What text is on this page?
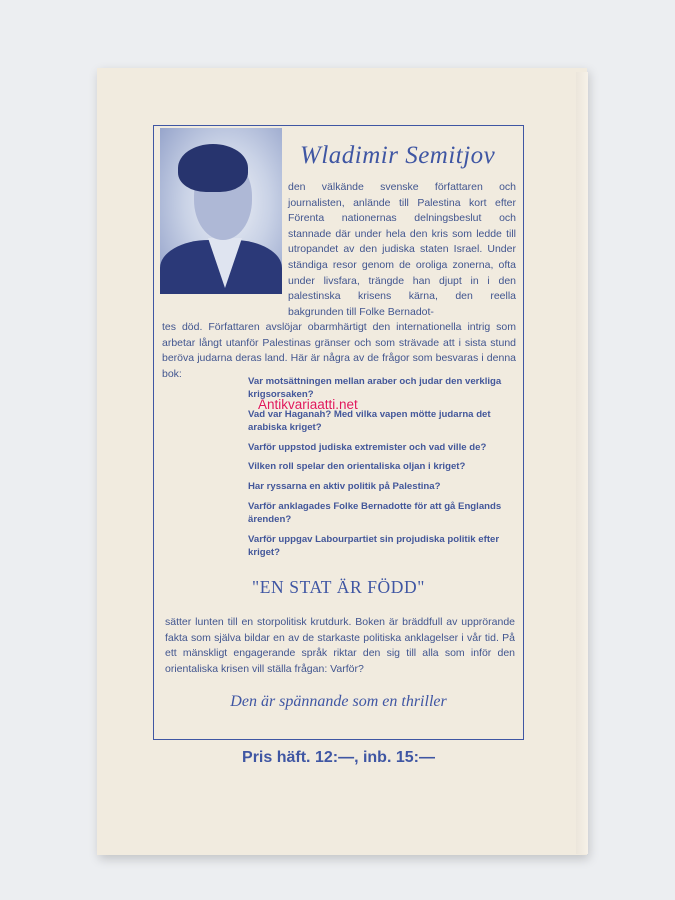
Wladimir Semitjov
den välkände svenske författaren och journalisten, anlände till Palestina kort efter Förenta nationernas delningsbeslut och stannade där under hela den kris som ledde till utropandet av den judiska staten Israel. Under ständiga resor genom de oroliga zonerna, ofta under livsfara, trängde han djupt in i den palestinska krisens kärna, den reella bakgrunden till Folke Bernadot-
tes död. Författaren avslöjar obarmhärtigt den internationella intrig som arbetar långt utanför Palestinas gränser och som strävade att i sista stund beröva judarna deras land. Här är några av de frågor som besvaras i denna bok:
Var motsättningen mellan araber och judar den verkliga krigsorsaken?
Vad var Haganah? Med vilka vapen mötte judarna det arabiska kriget?
Varför uppstod judiska extremister och vad ville de?
Vilken roll spelar den orientaliska oljan i kriget?
Har ryssarna en aktiv politik på Palestina?
Varför anklagades Folke Bernadotte för att gå Englands ärenden?
Varför uppgav Labourpartiet sin projudiska politik efter kriget?
"EN STAT ÄR FÖDD"
sätter lunten till en storpolitisk krutdurk. Boken är bräddfull av upprörande fakta som själva bildar en av de starkaste politiska anklagelser i vår tid. På ett mänskligt engagerande språk riktar den sig till alla som inför den orientaliska krisen vill ställa frågan: Varför?
Den är spännande som en thriller
Pris häft. 12:—, inb. 15:—
Antikvariaatti.net
